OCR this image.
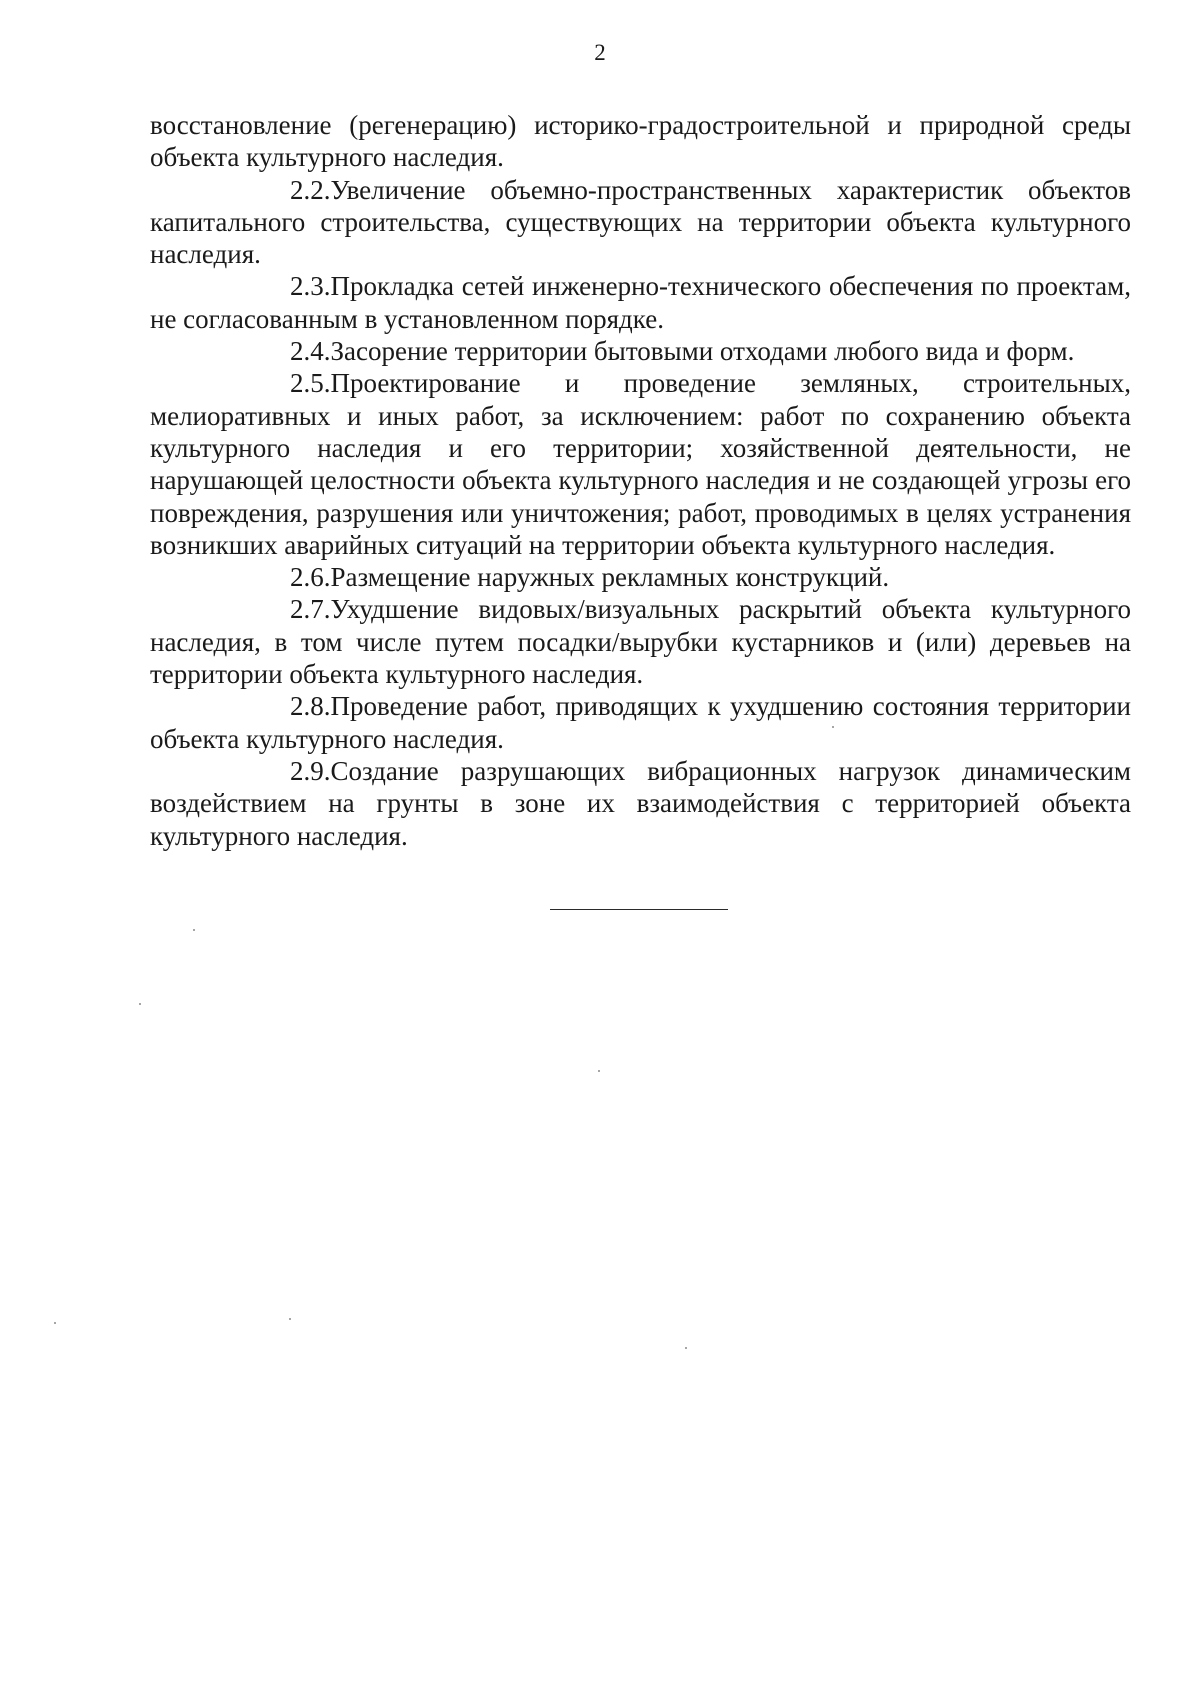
2

восстановление (регенерацию) историко-градостроительной и природной среды объекта культурного наследия.

2.2.Увеличение объемно-пространственных характеристик объектов капитального строительства, существующих на территории объекта культурного наследия.

2.3.Прокладка сетей инженерно-технического обеспечения по проектам, не согласованным в установленном порядке.

2.4.Засорение территории бытовыми отходами любого вида и форм.

2.5.Проектирование и проведение земляных, строительных, мелиоративных и иных работ, за исключением: работ по сохранению объекта культурного наследия и его территории; хозяйственной деятельности, не нарушающей целостности объекта культурного наследия и не создающей угрозы его повреждения, разрушения или уничтожения; работ, проводимых в целях устранения возникших аварийных ситуаций на территории объекта культурного наследия.

2.6.Размещение наружных рекламных конструкций.

2.7.Ухудшение видовых/визуальных раскрытий объекта культурного наследия, в том числе путем посадки/вырубки кустарников и (или) деревьев на территории объекта культурного наследия.

2.8.Проведение работ, приводящих к ухудшению состояния территории объекта культурного наследия.

2.9.Создание разрушающих вибрационных нагрузок динамическим воздействием на грунты в зоне их взаимодействия с территорией объекта культурного наследия.
